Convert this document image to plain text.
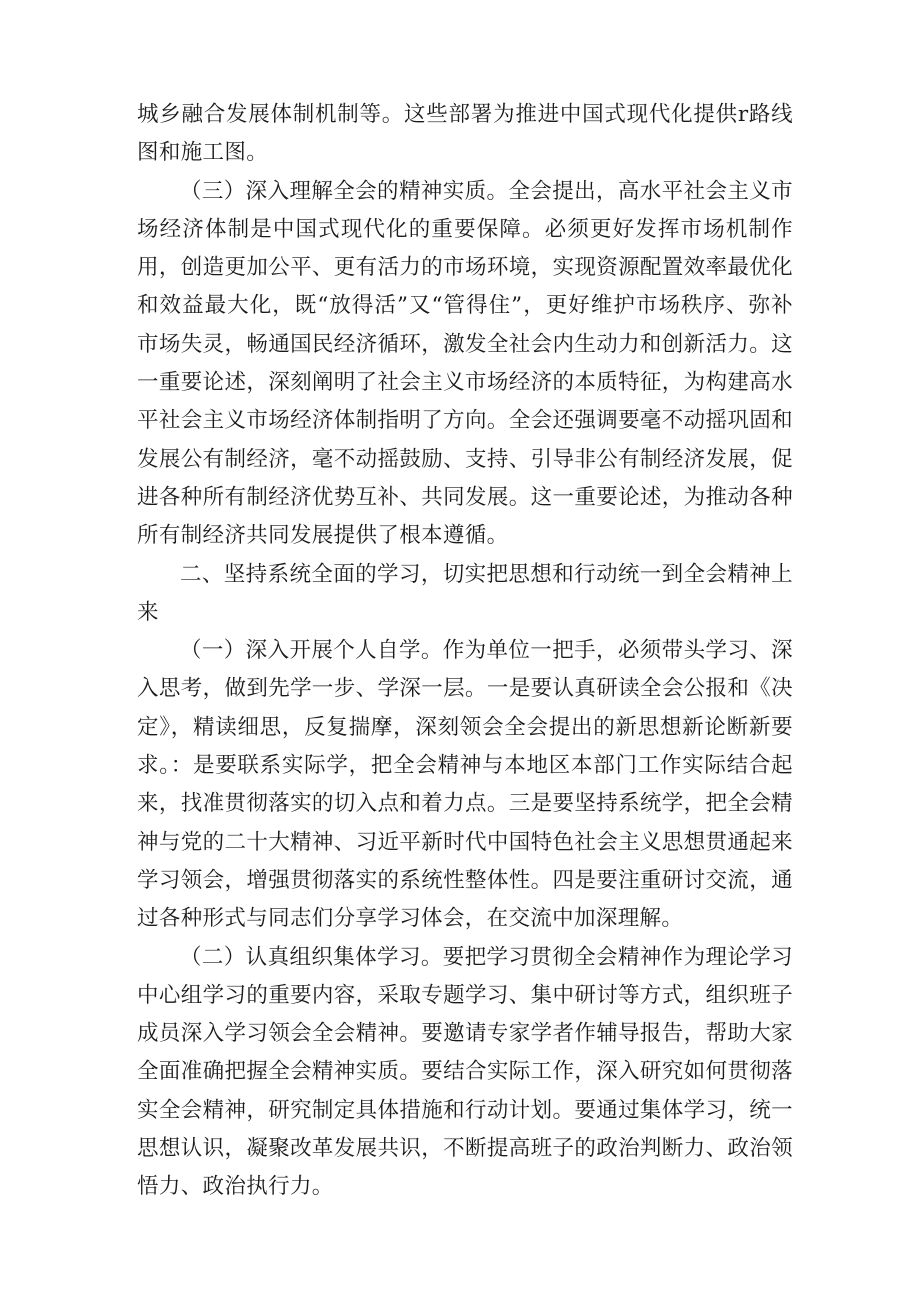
城乡融合发展体制机制等。这些部署为推进中国式现代化提供r路线图和施工图。

（三）深入理解全会的精神实质。全会提出，高水平社会主义市场经济体制是中国式现代化的重要保障。必须更好发挥市场机制作用，创造更加公平、更有活力的市场环境，实现资源配置效率最优化和效益最大化，既“放得活”又“管得住”，更好维护市场秩序、弥补市场失灵，畅通国民经济循环，激发全社会内生动力和创新活力。这一重要论述，深刻阐明了社会主义市场经济的本质特征，为构建高水平社会主义市场经济体制指明了方向。全会还强调要毫不动摇巩固和发展公有制经济，毫不动摇鼓励、支持、引导非公有制经济发展，促进各种所有制经济优势互补、共同发展。这一重要论述，为推动各种所有制经济共同发展提供了根本遵循。

二、坚持系统全面的学习，切实把思想和行动统一到全会精神上来

（一）深入开展个人自学。作为单位一把手，必须带头学习、深入思考，做到先学一步、学深一层。一是要认真研读全会公报和《决定》，精读细思，反复揣摩，深刻领会全会提出的新思想新论断新要求。：是要联系实际学，把全会精神与本地区本部门工作实际结合起来，找准贯彻落实的切入点和着力点。三是要坚持系统学，把全会精神与党的二十大精神、习近平新时代中国特色社会主义思想贯通起来学习领会，增强贯彻落实的系统性整体性。四是要注重研讨交流，通过各种形式与同志们分享学习体会，在交流中加深理解。

（二）认真组织集体学习。要把学习贯彻全会精神作为理论学习中心组学习的重要内容，采取专题学习、集中研讨等方式，组织班子成员深入学习领会全会精神。要邀请专家学者作辅导报告，帮助大家全面准确把握全会精神实质。要结合实际工作，深入研究如何贯彻落实全会精神，研究制定具体措施和行动计划。要通过集体学习，统一思想认识，凝聚改革发展共识，不断提高班子的政治判断力、政治领悟力、政治执行力。
